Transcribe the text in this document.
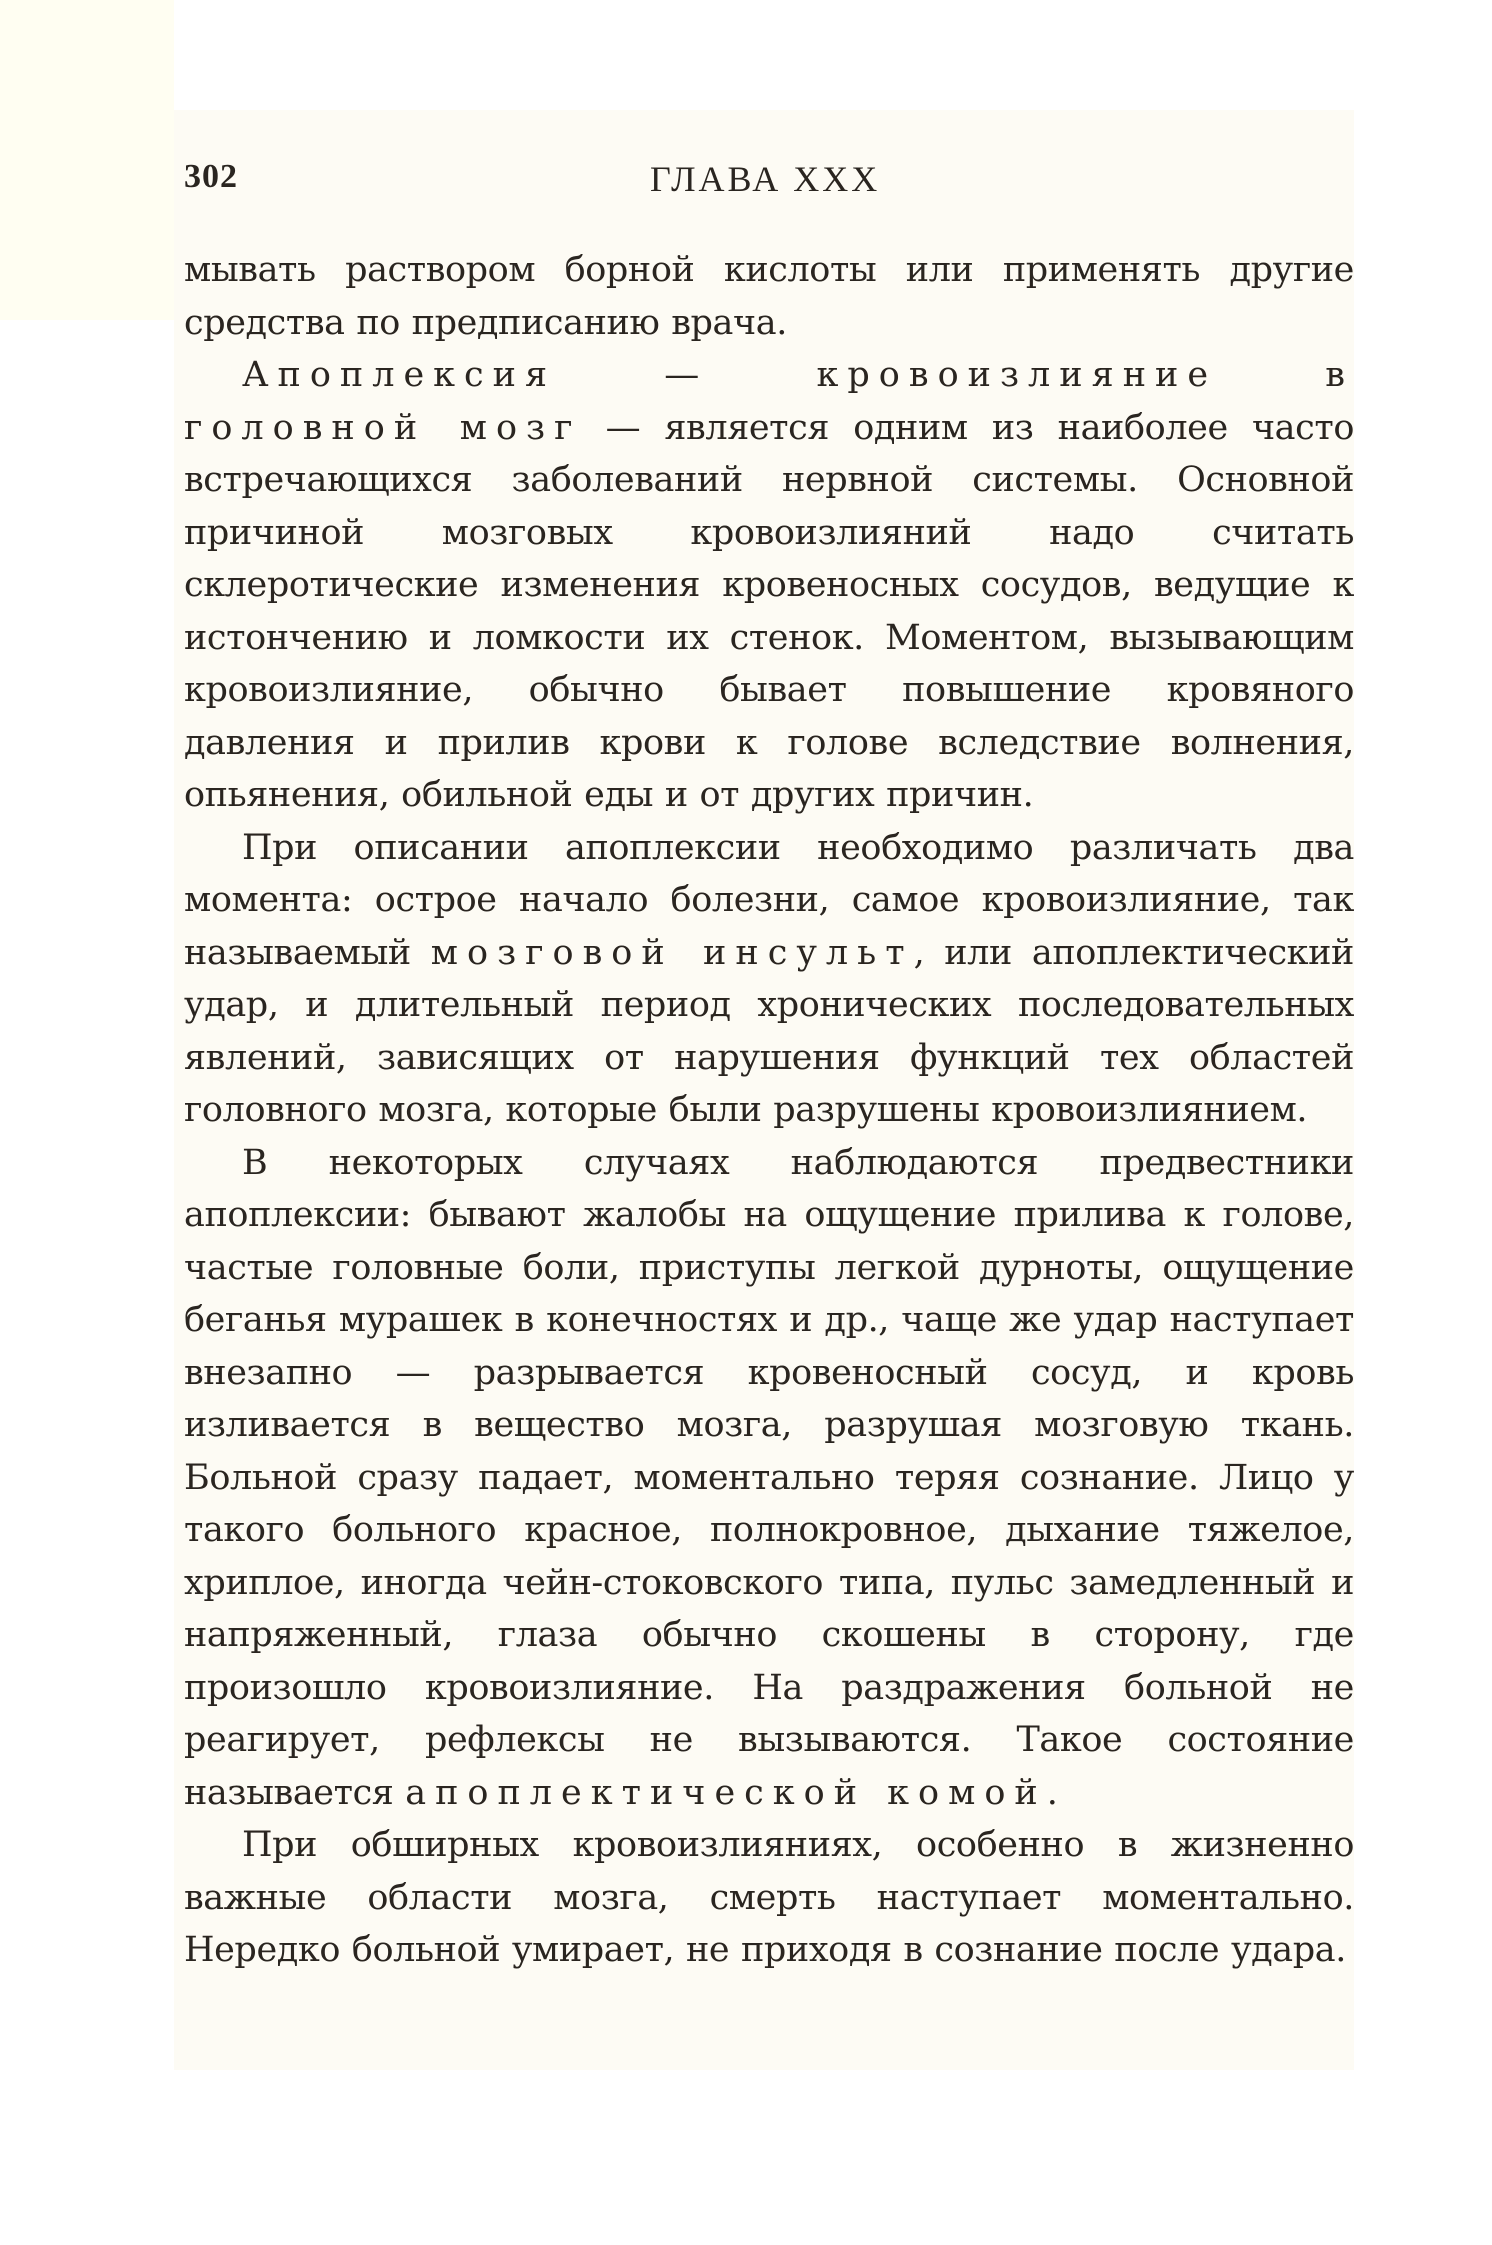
302	ГЛАВА XXX

мывать раствором борной кислоты или применять другие средства по предписанию врача.

Апоплексия — кровоизлияние в головной мозг — является одним из наиболее часто встречающихся заболеваний нервной системы. Основной причиной мозговых кровоизлияний надо считать склеротические изменения кровеносных сосудов, ведущие к истончению и ломкости их стенок. Моментом, вызывающим кровоизлияние, обычно бывает повышение кровяного давления и прилив крови к голове вследствие волнения, опьянения, обильной еды и от других причин.

При описании апоплексии необходимо различать два момента: острое начало болезни, самое кровоизлияние, так называемый мозговой инсульт, или апоплектический удар, и длительный период хронических последовательных явлений, зависящих от нарушения функций тех областей головного мозга, которые были разрушены кровоизлиянием.

В некоторых случаях наблюдаются предвестники апоплексии: бывают жалобы на ощущение прилива к голове, частые головные боли, приступы легкой дурноты, ощущение беганья мурашек в конечностях и др., чаще же удар наступает внезапно — разрывается кровеносный сосуд, и кровь изливается в вещество мозга, разрушая мозговую ткань. Больной сразу падает, моментально теряя сознание. Лицо у такого больного красное, полнокровное, дыхание тяжелое, хриплое, иногда чейн-стоковского типа, пульс замедленный и напряженный, глаза обычно скошены в сторону, где произошло кровоизлияние. На раздражения больной не реагирует, рефлексы не вызываются. Такое состояние называется апоплектической комой.

При обширных кровоизлияниях, особенно в жизненно важные области мозга, смерть наступает моментально. Нередко больной умирает, не приходя в сознание после удара.
